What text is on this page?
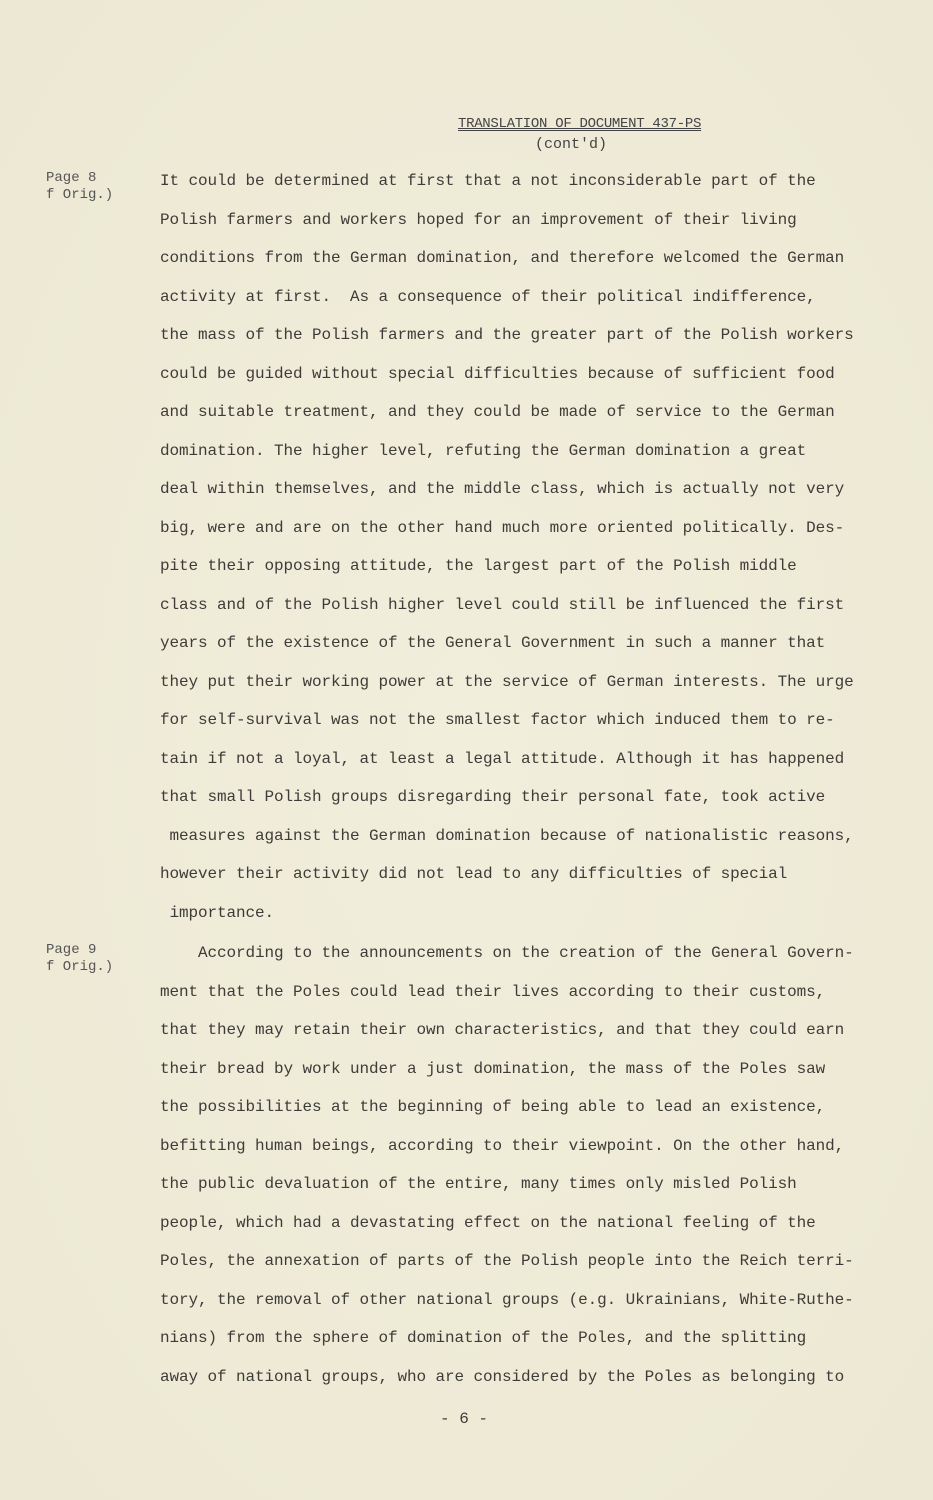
TRANSLATION OF DOCUMENT 437-PS
(cont'd)
Page 8
f Orig.)
It could be determined at first that a not inconsiderable part of the
Polish farmers and workers hoped for an improvement of their living
conditions from the German domination, and therefore welcomed the German
activity at first.  As a consequence of their political indifference,
the mass of the Polish farmers and the greater part of the Polish workers
could be guided without special difficulties because of sufficient food
and suitable treatment, and they could be made of service to the German
domination. The higher level, refuting the German domination a great
deal within themselves, and the middle class, which is actually not very
big, were and are on the other hand much more oriented politically. Des-
pite their opposing attitude, the largest part of the Polish middle
class and of the Polish higher level could still be influenced the first
years of the existence of the General Government in such a manner that
they put their working power at the service of German interests. The urge
for self-survival was not the smallest factor which induced them to re-
tain if not a loyal, at least a legal attitude. Although it has happened
that small Polish groups disregarding their personal fate, took active
measures against the German domination because of nationalistic reasons,
however their activity did not lead to any difficulties of special
importance.
Page 9
f Orig.)
According to the announcements on the creation of the General Govern-
ment that the Poles could lead their lives according to their customs,
that they may retain their own characteristics, and that they could earn
their bread by work under a just domination, the mass of the Poles saw
the possibilities at the beginning of being able to lead an existence,
befitting human beings, according to their viewpoint. On the other hand,
the public devaluation of the entire, many times only misled Polish
people, which had a devastating effect on the national feeling of the
Poles, the annexation of parts of the Polish people into the Reich terri-
tory, the removal of other national groups (e.g. Ukrainians, White-Ruthe-
nians) from the sphere of domination of the Poles, and the splitting
away of national groups, who are considered by the Poles as belonging to
- 6 -
